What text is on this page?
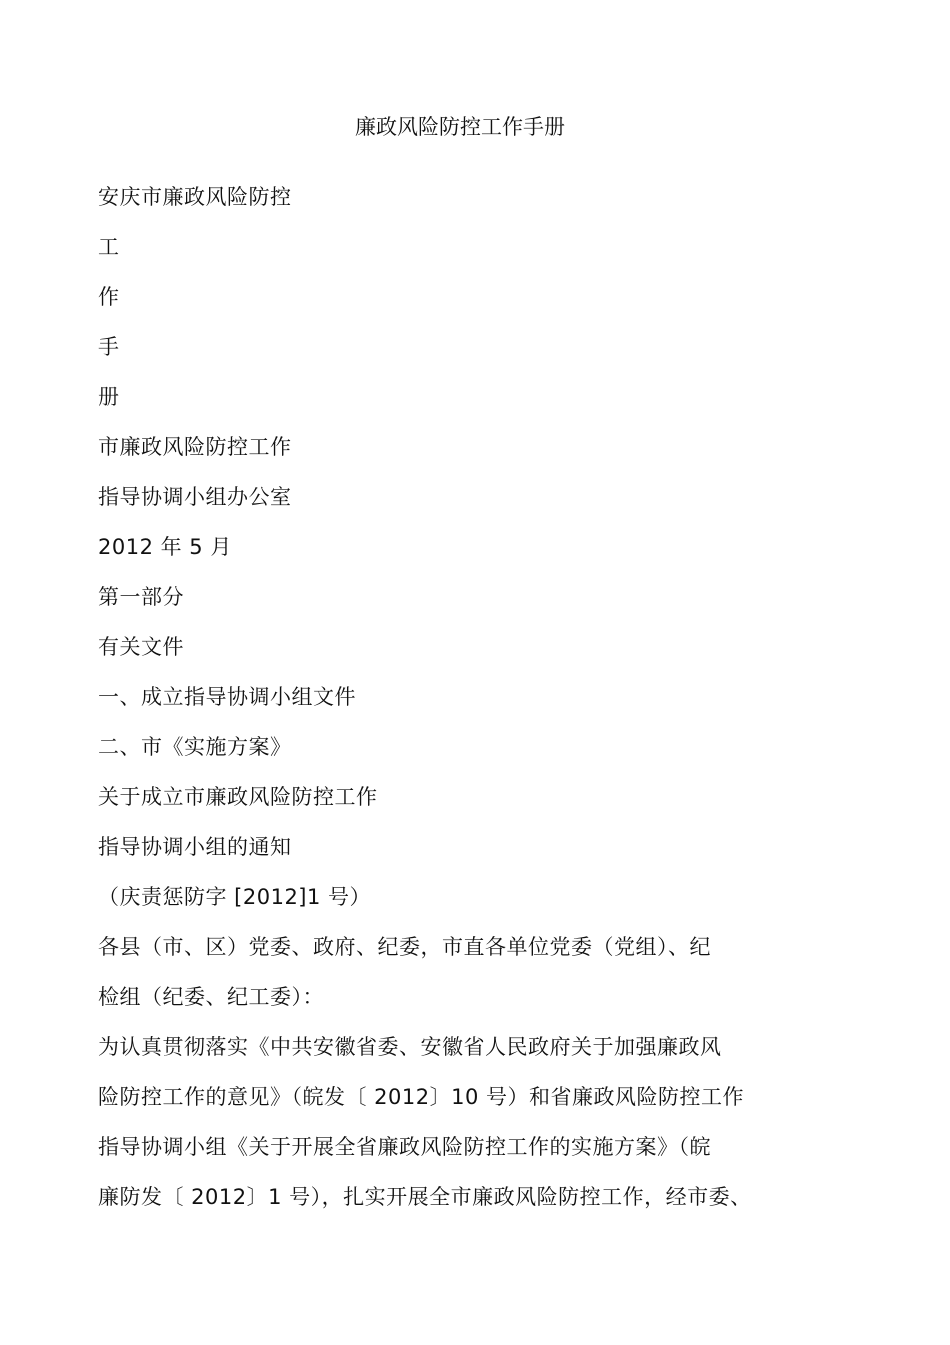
廉政风险防控工作手册
安庆市廉政风险防控
工
作
手
册
市廉政风险防控工作
指导协调小组办公室
2012 年 5 月
第一部分
有关文件
一、成立指导协调小组文件
二、市《实施方案》
关于成立市廉政风险防控工作
指导协调小组的通知
（庆责惩防字 [2012]1 号）
各县（市、区）党委、政府、纪委，市直各单位党委（党组）、纪
检组（纪委、纪工委）：
为认真贯彻落实《中共安徽省委、安徽省人民政府关于加强廉政风
险防控工作的意见》（皖发〔 2012〕10 号）和省廉政风险防控工作
指导协调小组《关于开展全省廉政风险防控工作的实施方案》（皖
廉防发〔 2012〕1 号），扎实开展全市廉政风险防控工作，经市委、
